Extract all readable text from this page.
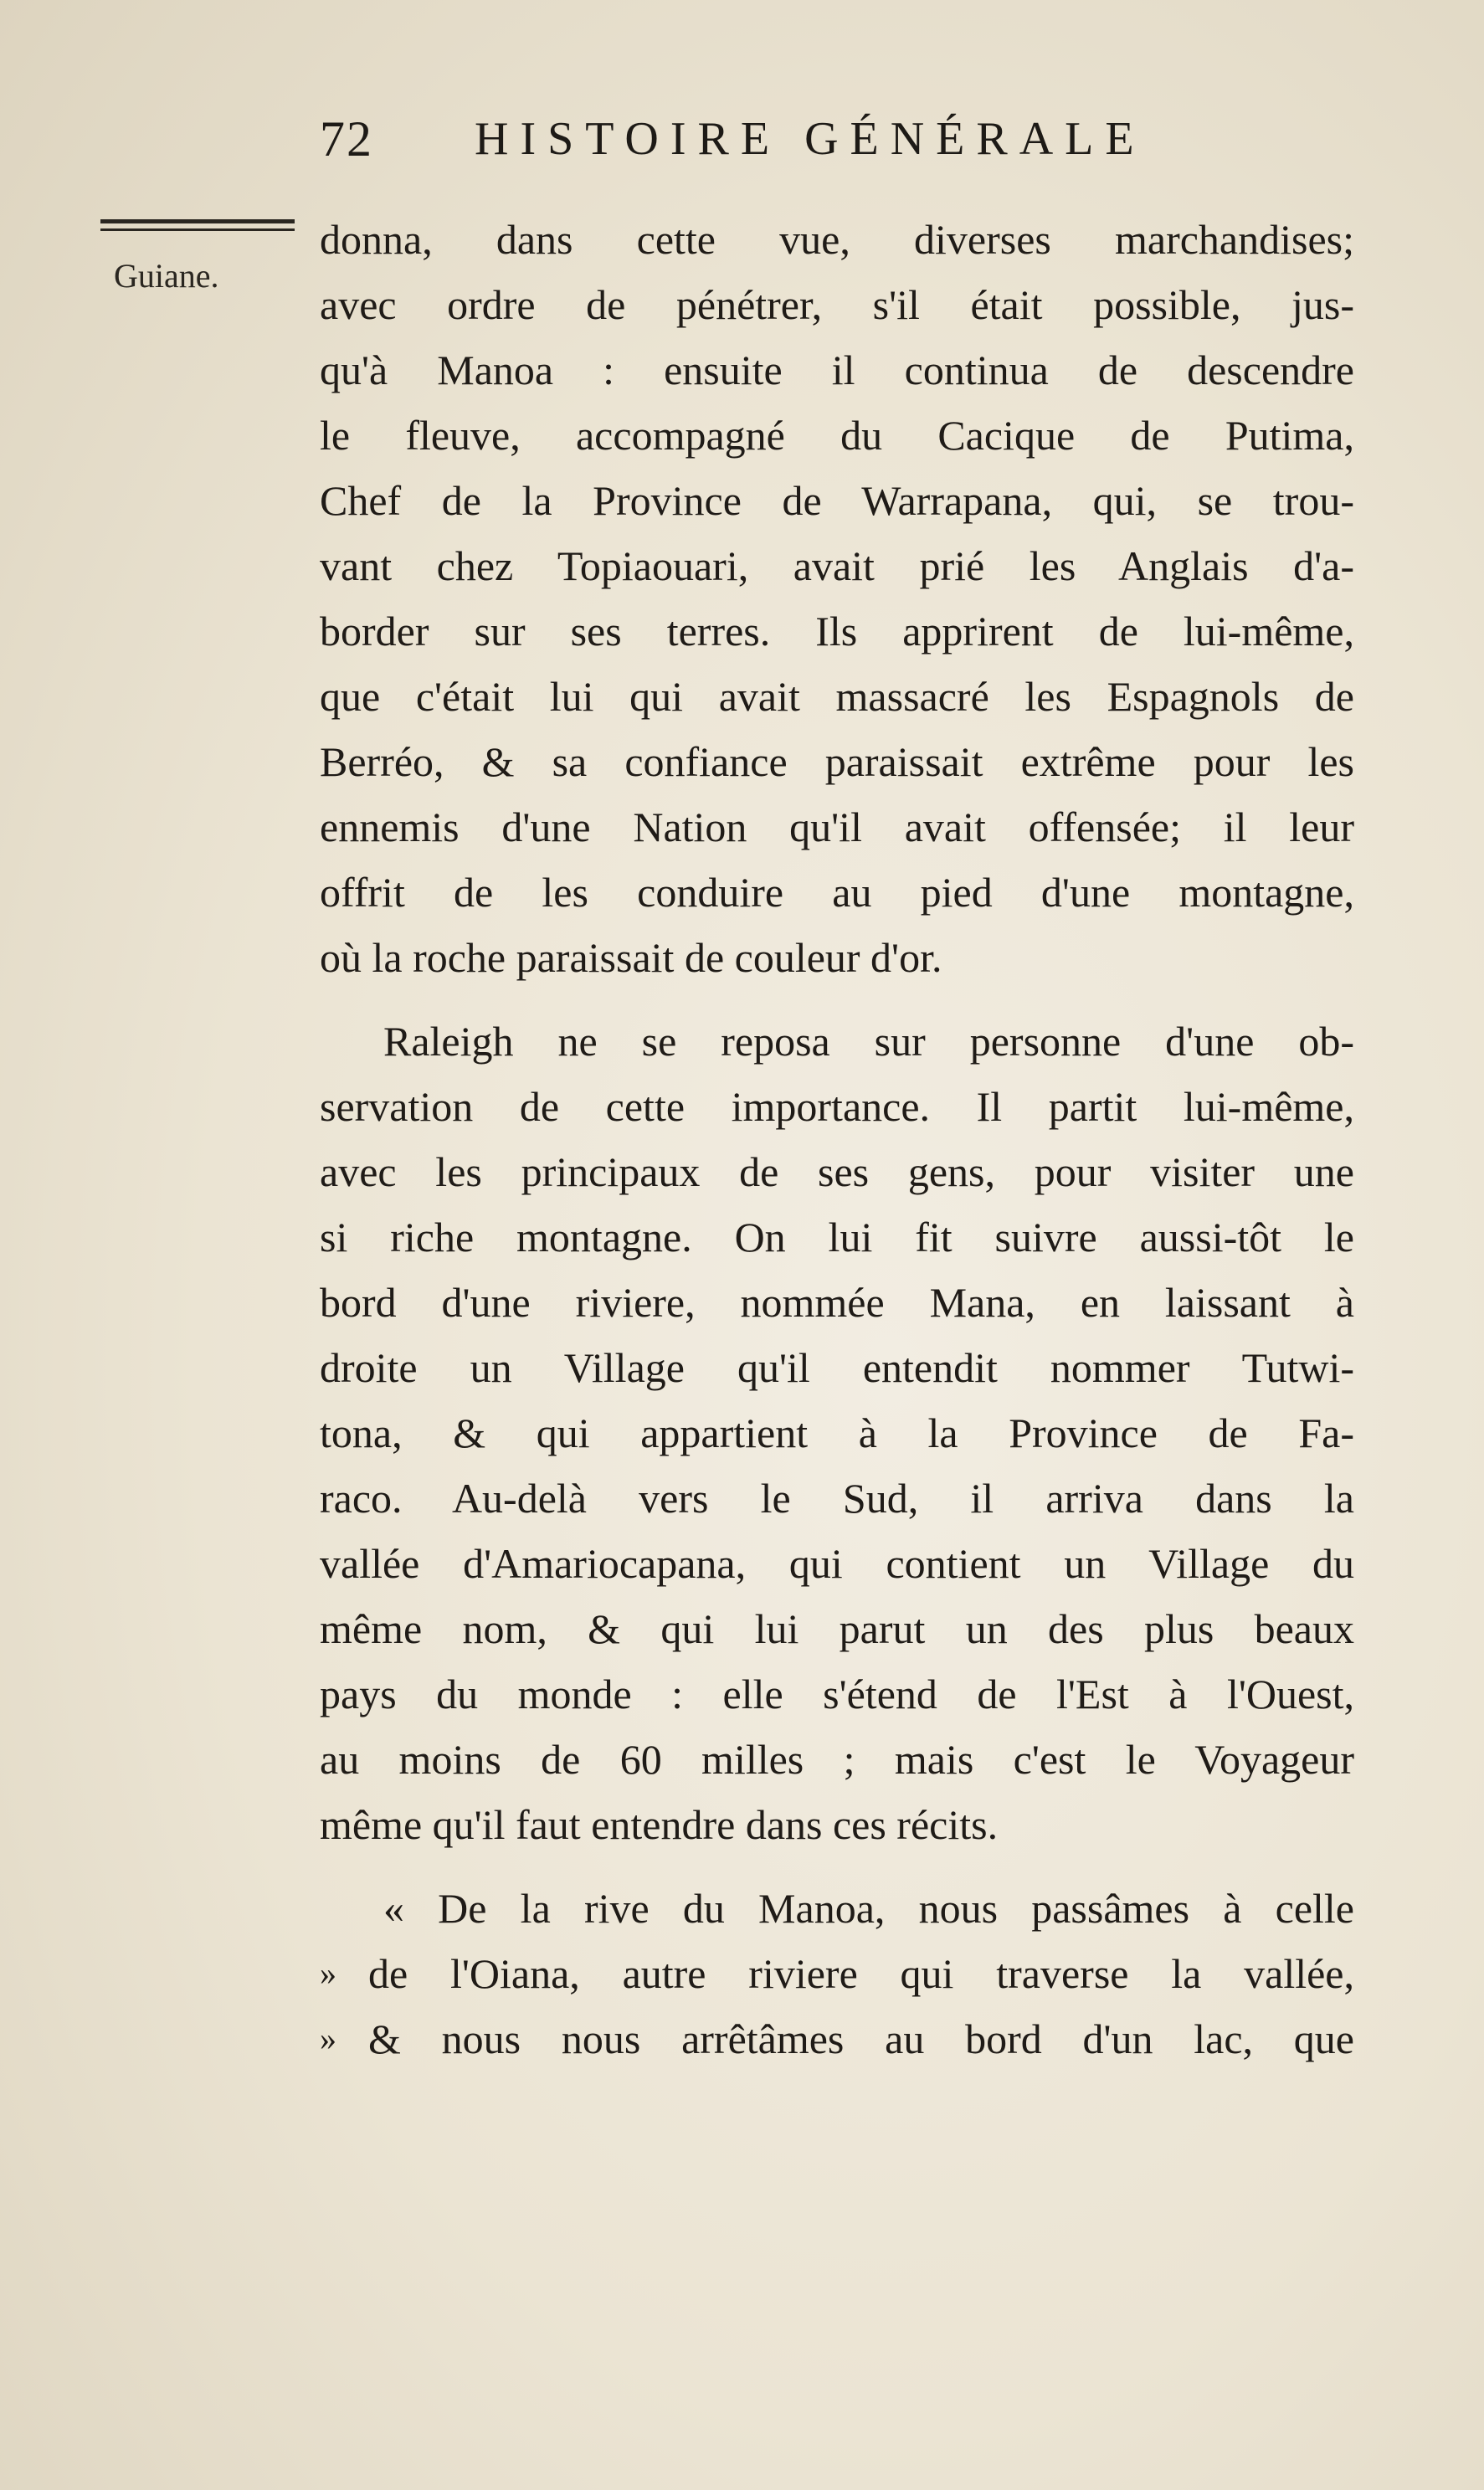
72 HISTOIRE GÉNÉRALE
Guiane.
donna, dans cette vue, diverses marchandises;
avec ordre de pénétrer, s'il était possible, jus-
qu'à Manoa : ensuite il continua de descendre
le fleuve, accompagné du Cacique de Putima,
Chef de la Province de Warrapana, qui, se trou-
vant chez Topiaouari, avait prié les Anglais d'a-
border sur ses terres. Ils apprirent de lui-même,
que c'était lui qui avait massacré les Espagnols de
Berréo, & sa confiance paraissait extrême pour les
ennemis d'une Nation qu'il avait offensée; il leur
offrit de les conduire au pied d'une montagne,
où la roche paraissait de couleur d'or.
Raleigh ne se reposa sur personne d'une ob-
servation de cette importance. Il partit lui-même,
avec les principaux de ses gens, pour visiter une
si riche montagne. On lui fit suivre aussi-tôt le
bord d'une riviere, nommée Mana, en laissant à
droite un Village qu'il entendit nommer Tutwi-
tona, & qui appartient à la Province de Fa-
raco. Au-delà vers le Sud, il arriva dans la
vallée d'Amariocapana, qui contient un Village du
même nom, & qui lui parut un des plus beaux
pays du monde : elle s'étend de l'Est à l'Ouest,
au moins de 60 milles ; mais c'est le Voyageur
même qu'il faut entendre dans ces récits.
« De la rive du Manoa, nous passâmes à celle
» de l'Oiana, autre riviere qui traverse la vallée,
» & nous nous arrêtâmes au bord d'un lac, que
